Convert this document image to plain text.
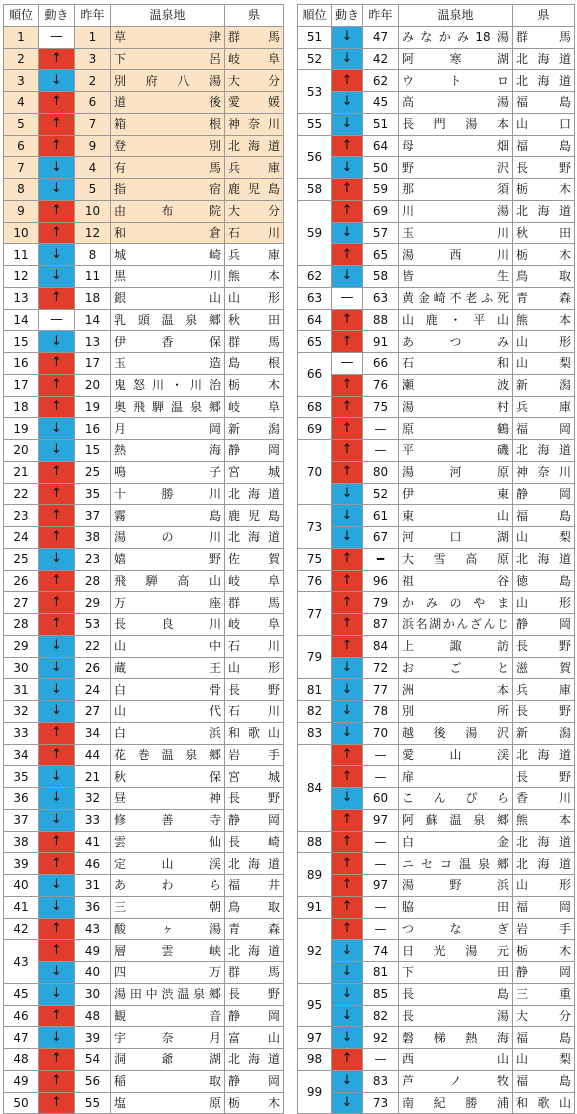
順位	動き	昨年	温泉地	県
1	—	1	草津	群馬
2	↑	3	下呂	岐阜
3	↓	2	別府八湯	大分
4	↑	6	道後	愛媛
5	↑	7	箱根	神奈川
6	↑	9	登別	北海道
7	↓	4	有馬	兵庫
8	↓	5	指宿	鹿児島
9	↑	10	由布院	大分
10	↑	12	和倉	石川
11	↓	8	城崎	兵庫
12	↓	11	黒川	熊本
13	↑	18	銀山	山形
14	—	14	乳頭温泉郷	秋田
15	↓	13	伊香保	群馬
16	↑	17	玉造	島根
17	↑	20	鬼怒川・川治	栃木
18	↑	19	奥飛騨温泉郷	岐阜
19	↓	16	月岡	新潟
20	↓	15	熱海	静岡
21	↑	25	鳴子	宮城
22	↑	35	十勝川	北海道
23	↑	37	霧島	鹿児島
24	↑	38	湯の川	北海道
25	↓	23	嬉野	佐賀
26	↑	28	飛騨高山	岐阜
27	↑	29	万座	群馬
28	↑	53	長良川	岐阜
29	↓	22	山中	石川
30	↓	26	蔵王	山形
31	↓	24	白骨	長野
32	↓	27	山代	石川
33	↑	34	白浜	和歌山
34	↑	44	花巻温泉郷	岩手
35	↓	21	秋保	宮城
36	↓	32	昼神	長野
37	↓	33	修善寺	静岡
38	↑	41	雲仙	長崎
39	↑	46	定山渓	北海道
40	↓	31	あわら	福井
41	↓	36	三朝	鳥取
42	↑	43	酸ヶ湯	青森
43	↑	49	層雲峡	北海道
	↓	40	四万	群馬
45	↓	30	湯田中渋温泉郷	長野
46	↑	48	観音	静岡
47	↓	39	宇奈月	富山
48	↑	54	洞爺湖	北海道
49	↑	56	稲取	静岡
50	↑	55	塩原	栃木
順位	動き	昨年	温泉地	県
51	↓	47	みなかみ18湯	群馬
52	↓	42	阿寒湖	北海道
53	↑	62	ウトロ	北海道
	↓	45	高湯	福島
55	↓	51	長門湯本	山口
56	↑	64	母畑	福島
	↓	50	野沢	長野
58	↑	59	那須	栃木
59	↑	69	川湯	北海道
	↓	57	玉川	秋田
	↑	65	湯西川	栃木
62	↓	58	皆生	鳥取
63	—	63	黄金崎不老ふ死	青森
64	↑	88	山鹿・平山	熊本
65	↑	91	あつみ	山形
66	—	66	石和	山梨
	↑	76	瀬波	新潟
68	↑	75	湯村	兵庫
69	↑	—	原鶴	福岡
70	↑	—	平磯	北海道
	↑	80	湯河原	神奈川
	↓	52	伊東	静岡
73	↓	61	東山	福島
	↓	67	河口湖	山梨
75	↑	━	大雪高原	北海道
76	↑	96	祖谷	徳島
77	↑	79	かみのやま	山形
	↑	87	浜名湖かんざんじ	静岡
79	↑	84	上諏訪	長野
	↓	72	おごと	滋賀
81	↓	77	洲本	兵庫
82	↓	78	別所	長野
83	↓	70	越後湯沢	新潟
84	↑	—	愛山渓	北海道
	↑	—	扉	長野
	↓	60	こんぴら	香川
	↑	97	阿蘇温泉郷	熊本
88	↑	—	白金	北海道
89	↑	—	ニセコ温泉郷	北海道
	↑	97	湯野浜	山形
91	↑	—	脇田	福岡
92	↑	—	つなぎ	岩手
	↓	74	日光湯元	栃木
	↓	81	下田	静岡
95	↓	85	長島	三重
	↓	82	長湯	大分
97	↓	92	磐梯熱海	福島
98	↑	—	西山	山梨
99	↓	83	芦ノ牧	福島
	↓	73	南紀勝浦	和歌山
